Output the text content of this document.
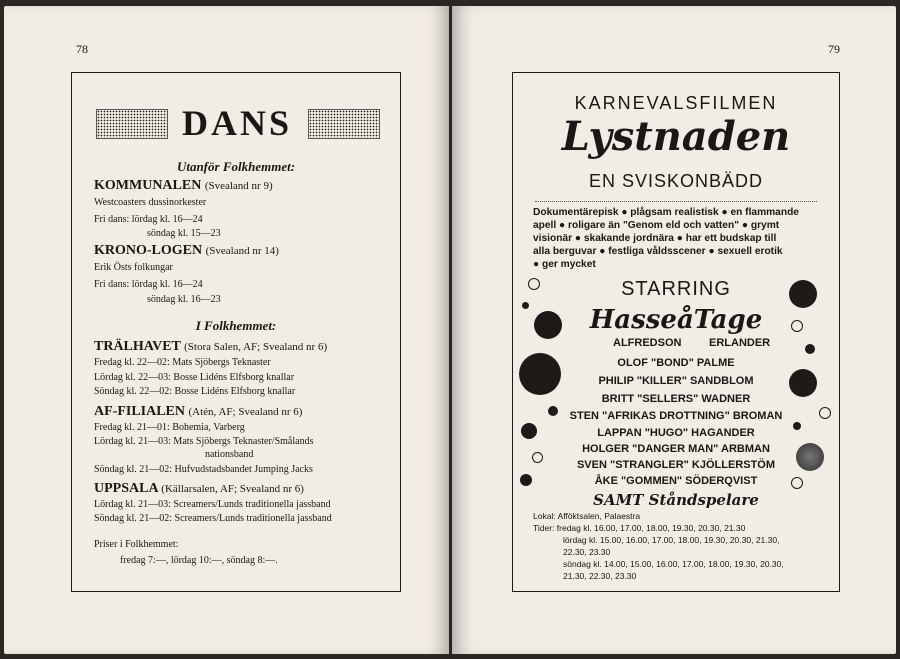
78
DANS
Utanför Folkhemmet:
KOMMUNALEN (Svealand nr 9)
Westcoasters dussinorkester
Fri dans: lördag kl. 16—24
söndag kl. 15—23
KRONO-LOGEN (Svealand nr 14)
Erik Östs folkungar
Fri dans: lördag kl. 16—24
söndag kl. 16—23
I Folkhemmet:
TRÄLHAVET (Stora Salen, AF; Svealand nr 6)
Fredag kl. 22—02: Mats Sjöbergs Teknaster
Lördag kl. 22—03: Bosse Lidéns Elfsborg knallar
Söndag kl. 22—02: Bosse Lidéns Elfsborg knallar
AF-FILIALEN (Atén, AF; Svealand nr 6)
Fredag kl. 21—01: Bohemia, Varberg
Lördag kl. 21—03: Mats Sjöbergs Teknaster/Smålands
nationsband
Söndag kl. 21—02: Hufvudstadsbandet Jumping Jacks
UPPSALA (Källarsalen, AF; Svealand nr 6)
Lördag kl. 21—03: Screamers/Lunds traditionella jassband
Söndag kl. 21—02: Screamers/Lunds traditionella jassband
Priser i Folkhemmet:
fredag 7:—, lördag 10:—, söndag 8:—.
79
KARNEVALSFILMEN
Lystnaden
EN SVISKONBÄDD
Dokumentärepisk ● plågsam realistisk ● en flammande
apell ● roligare än "Genom eld och vatten" ● grymt
visionär ● skakande jordnära ● har ett budskap till
alla berguvar ● festliga våldsscener ● sexuell erotik
● ger mycket
STARRING
HasseåTage
ALFREDSON	ERLANDER
OLOF "BOND" PALME
PHILIP "KILLER" SANDBLOM
BRITT "SELLERS" WADNER
STEN "AFRIKAS DROTTNING" BROMAN
LAPPAN "HUGO" HAGANDER
HOLGER "DANGER MAN" ARBMAN
SVEN "STRANGLER" KJÖLLERSTÖM
ÅKE "GOMMEN" SÖDERQVIST
SAMT Ståndspelare
Lokal: Afföktsalen, Palaestra
Tider: fredag kl. 16.00, 17.00, 18.00, 19.30, 20.30, 21.30
lördag kl. 15.00, 16.00, 17.00, 18.00, 19.30, 20.30, 21.30,
22.30, 23.30
söndag kl. 14.00, 15.00, 16.00, 17.00, 18.00, 19.30, 20.30,
21.30, 22.30, 23.30
